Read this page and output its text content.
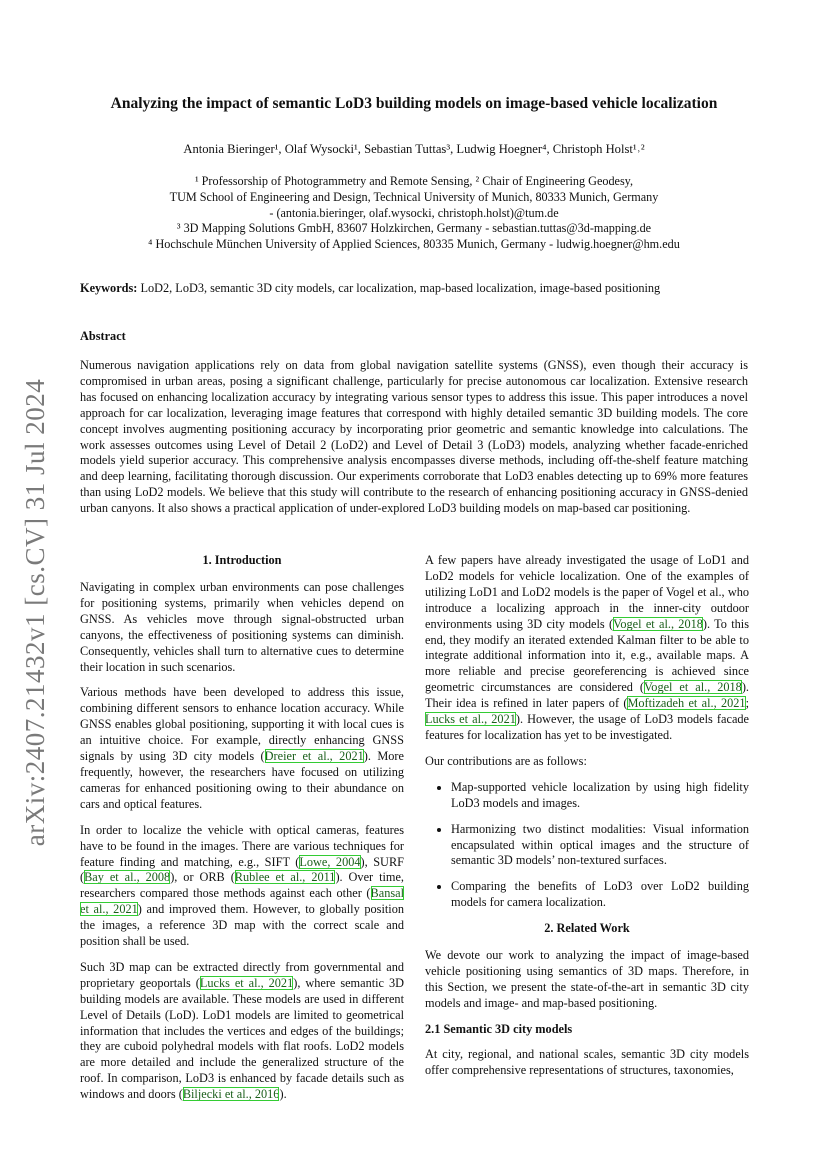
arXiv:2407.21432v1 [cs.CV] 31 Jul 2024
Analyzing the impact of semantic LoD3 building models on image-based vehicle localization
Antonia Bieringer¹, Olaf Wysocki¹, Sebastian Tuttas³, Ludwig Hoegner⁴, Christoph Holst¹˒²
¹ Professorship of Photogrammetry and Remote Sensing, ² Chair of Engineering Geodesy,
TUM School of Engineering and Design, Technical University of Munich, 80333 Munich, Germany
- (antonia.bieringer, olaf.wysocki, christoph.holst)@tum.de
³ 3D Mapping Solutions GmbH, 83607 Holzkirchen, Germany - sebastian.tuttas@3d-mapping.de
⁴ Hochschule München University of Applied Sciences, 80335 Munich, Germany - ludwig.hoegner@hm.edu
Keywords: LoD2, LoD3, semantic 3D city models, car localization, map-based localization, image-based positioning
Abstract

Numerous navigation applications rely on data from global navigation satellite systems (GNSS), even though their accuracy is compromised in urban areas, posing a significant challenge, particularly for precise autonomous car localization. Extensive research has focused on enhancing localization accuracy by integrating various sensor types to address this issue. This paper introduces a novel approach for car localization, leveraging image features that correspond with highly detailed semantic 3D building models. The core concept involves augmenting positioning accuracy by incorporating prior geometric and semantic knowledge into calculations. The work assesses outcomes using Level of Detail 2 (LoD2) and Level of Detail 3 (LoD3) models, analyzing whether facade-enriched models yield superior accuracy. This comprehensive analysis encompasses diverse methods, including off-the-shelf feature matching and deep learning, facilitating thorough discussion. Our experiments corroborate that LoD3 enables detecting up to 69% more features than using LoD2 models. We believe that this study will contribute to the research of enhancing positioning accuracy in GNSS-denied urban canyons. It also shows a practical application of under-explored LoD3 building models on map-based car positioning.

1. Introduction

Navigating in complex urban environments can pose challenges for positioning systems, primarily when vehicles depend on GNSS. As vehicles move through signal-obstructed urban canyons, the effectiveness of positioning systems can diminish. Consequently, vehicles shall turn to alternative cues to determine their location in such scenarios.

Various methods have been developed to address this issue, combining different sensors to enhance location accuracy. While GNSS enables global positioning, supporting it with local cues is an intuitive choice. For example, directly enhancing GNSS signals by using 3D city models (Dreier et al., 2021). More frequently, however, the researchers have focused on utilizing cameras for enhanced positioning owing to their abundance on cars and optical features.

In order to localize the vehicle with optical cameras, features have to be found in the images. There are various techniques for feature finding and matching, e.g., SIFT (Lowe, 2004), SURF (Bay et al., 2008), or ORB (Rublee et al., 2011). Over time, researchers compared those methods against each other (Bansal et al., 2021) and improved them. However, to globally position the images, a reference 3D map with the correct scale and position shall be used.

Such 3D map can be extracted directly from governmental and proprietary geoportals (Lucks et al., 2021), where semantic 3D building models are available. These models are used in different Level of Details (LoD). LoD1 models are limited to geometrical information that includes the vertices and edges of the buildings; they are cuboid polyhedral models with flat roofs. LoD2 models are more detailed and include the generalized structure of the roof. In comparison, LoD3 is enhanced by facade details such as windows and doors (Biljecki et al., 2016).

A few papers have already investigated the usage of LoD1 and LoD2 models for vehicle localization. One of the examples of utilizing LoD1 and LoD2 models is the paper of Vogel et al., who introduce a localizing approach in the inner-city outdoor environments using 3D city models (Vogel et al., 2018). To this end, they modify an iterated extended Kalman filter to be able to integrate additional information into it, e.g., available maps. A more reliable and precise georeferencing is achieved since geometric circumstances are considered (Vogel et al., 2018). Their idea is refined in later papers of (Moftizadeh et al., 2021; Lucks et al., 2021). However, the usage of LoD3 models facade features for localization has yet to be investigated.

Our contributions are as follows:

• Map-supported vehicle localization by using high fidelity LoD3 models and images.
• Harmonizing two distinct modalities: Visual information encapsulated within optical images and the structure of semantic 3D models’ non-textured surfaces.
• Comparing the benefits of LoD3 over LoD2 building models for camera localization.
2. Related Work

We devote our work to analyzing the impact of image-based vehicle positioning using semantics of 3D maps. Therefore, in this Section, we present the state-of-the-art in semantic 3D city models and image- and map-based positioning.

2.1 Semantic 3D city models

At city, regional, and national scales, semantic 3D city models offer comprehensive representations of structures, taxonomies,
